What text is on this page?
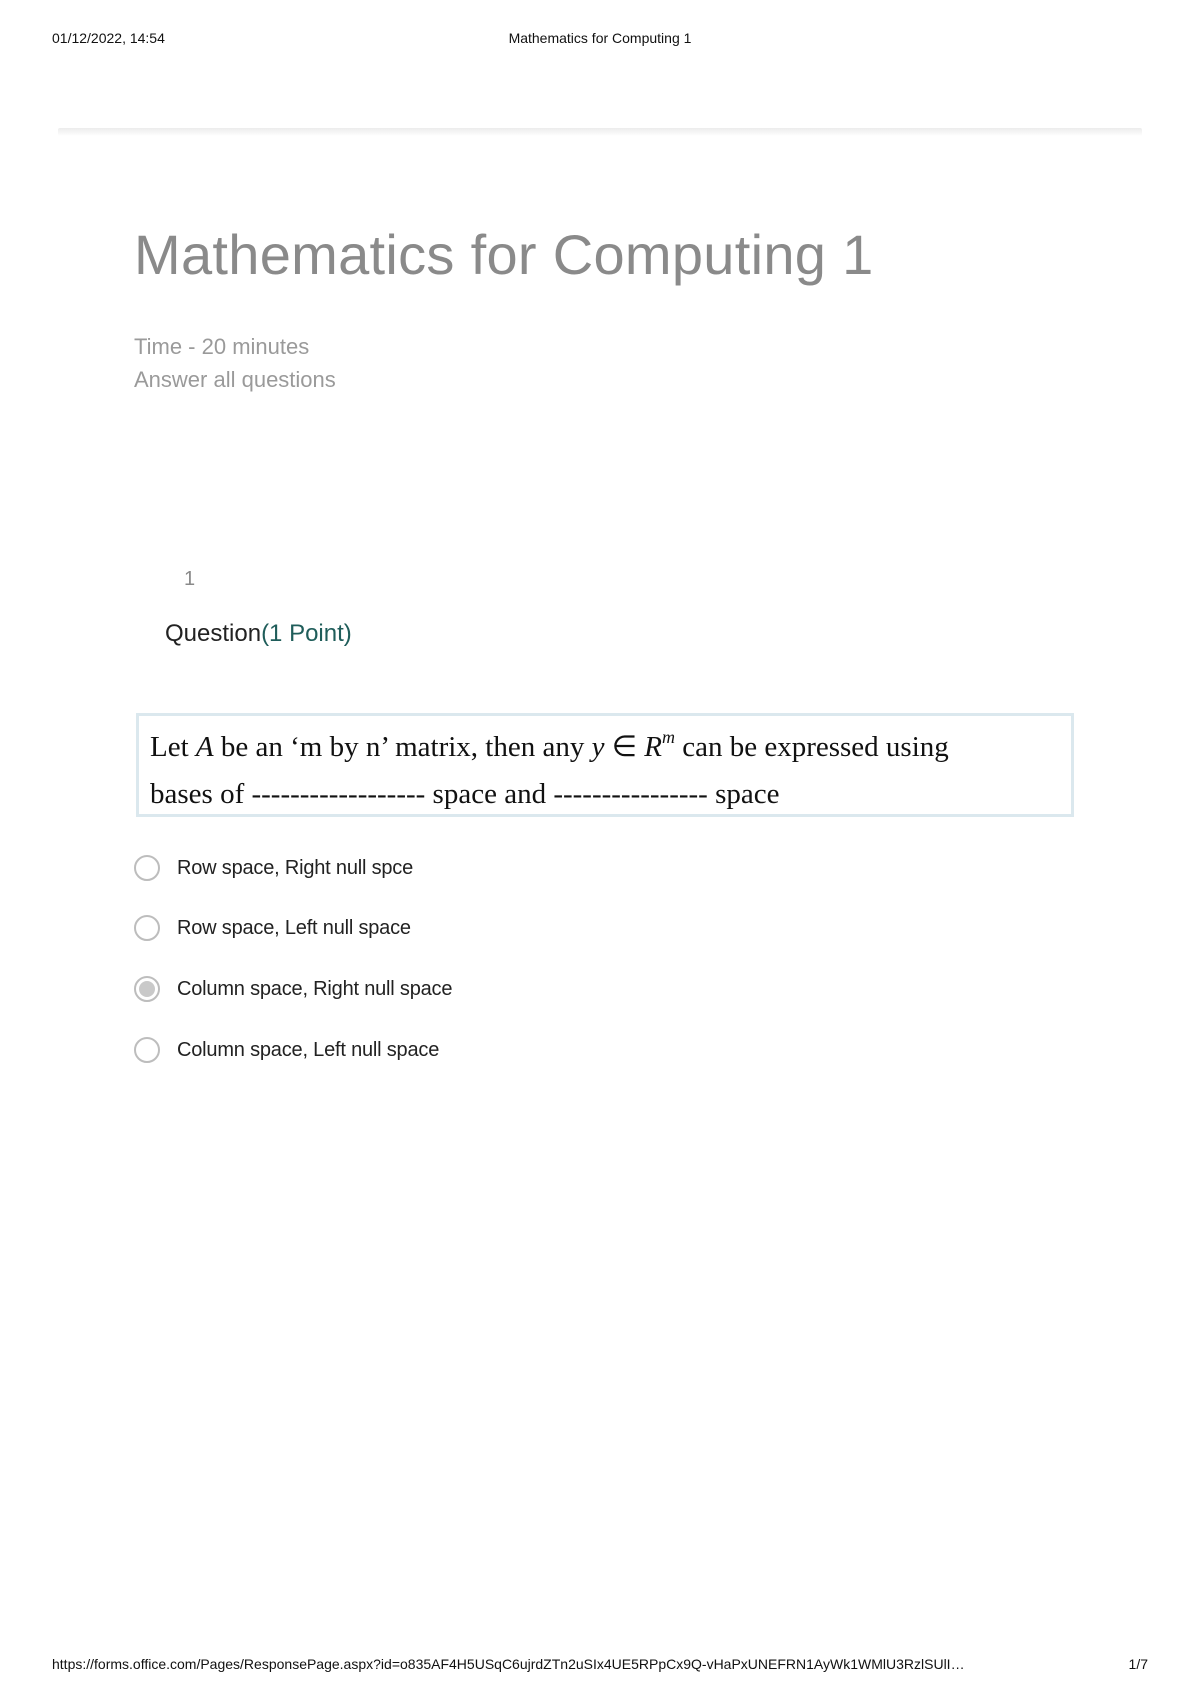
01/12/2022, 14:54	Mathematics for Computing 1
Mathematics for Computing 1
Time - 20 minutes
Answer all questions
1
Question(1 Point)
Let A be an ‘m by n’ matrix, then any y ∈ $R^m$ can be expressed using
bases of ------------------ space and ---------------- space
Row space, Right null spce
Row space, Left null space
Column space, Right null space
Column space, Left null space
https://forms.office.com/Pages/ResponsePage.aspx?id=o835AF4H5USqC6ujrdZTn2uSIx4UE5RPpCx9Q-vHaPxUNEFRN1AyWk1WMlU3RzlSUlI…	1/7
